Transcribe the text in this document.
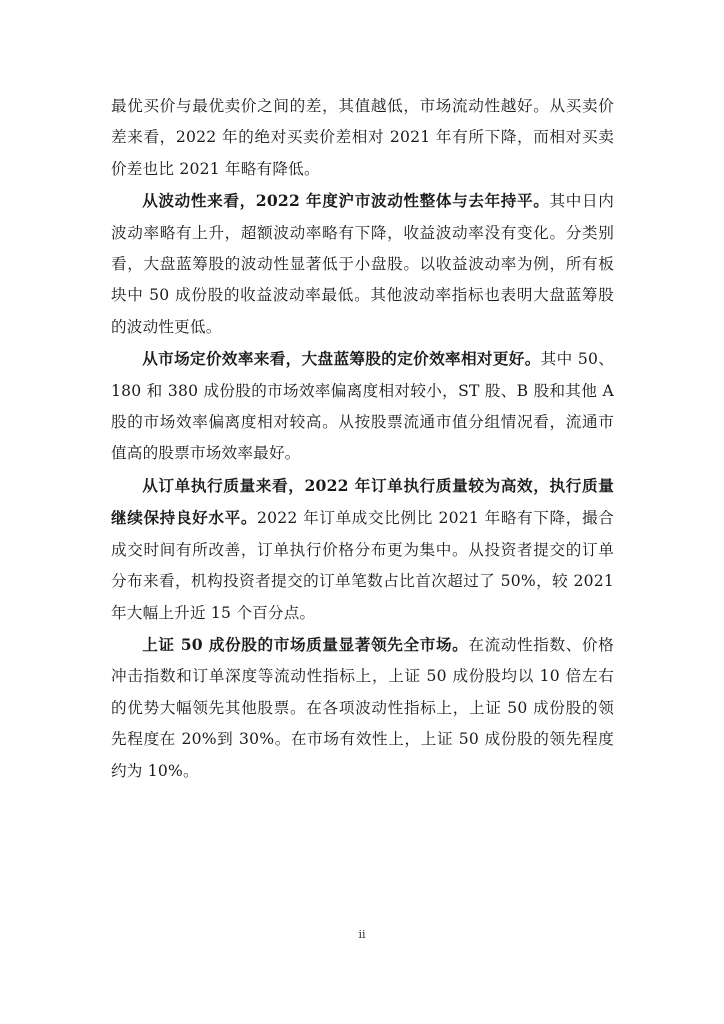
最优买价与最优卖价之间的差，其值越低，市场流动性越好。从买卖价差来看，2022 年的绝对买卖价差相对 2021 年有所下降，而相对买卖价差也比 2021 年略有降低。

从波动性来看，2022 年度沪市波动性整体与去年持平。其中日内波动率略有上升，超额波动率略有下降，收益波动率没有变化。分类别看，大盘蓝筹股的波动性显著低于小盘股。以收益波动率为例，所有板块中 50 成份股的收益波动率最低。其他波动率指标也表明大盘蓝筹股的波动性更低。

从市场定价效率来看，大盘蓝筹股的定价效率相对更好。其中 50、180 和 380 成份股的市场效率偏离度相对较小，ST 股、B 股和其他 A 股的市场效率偏离度相对较高。从按股票流通市值分组情况看，流通市值高的股票市场效率最好。

从订单执行质量来看，2022 年订单执行质量较为高效，执行质量继续保持良好水平。2022 年订单成交比例比 2021 年略有下降，撮合成交时间有所改善，订单执行价格分布更为集中。从投资者提交的订单分布来看，机构投资者提交的订单笔数占比首次超过了 50%，较 2021 年大幅上升近 15 个百分点。

上证 50 成份股的市场质量显著领先全市场。在流动性指数、价格冲击指数和订单深度等流动性指标上，上证 50 成份股均以 10 倍左右的优势大幅领先其他股票。在各项波动性指标上，上证 50 成份股的领先程度在 20%到 30%。在市场有效性上，上证 50 成份股的领先程度约为 10%。

ii
